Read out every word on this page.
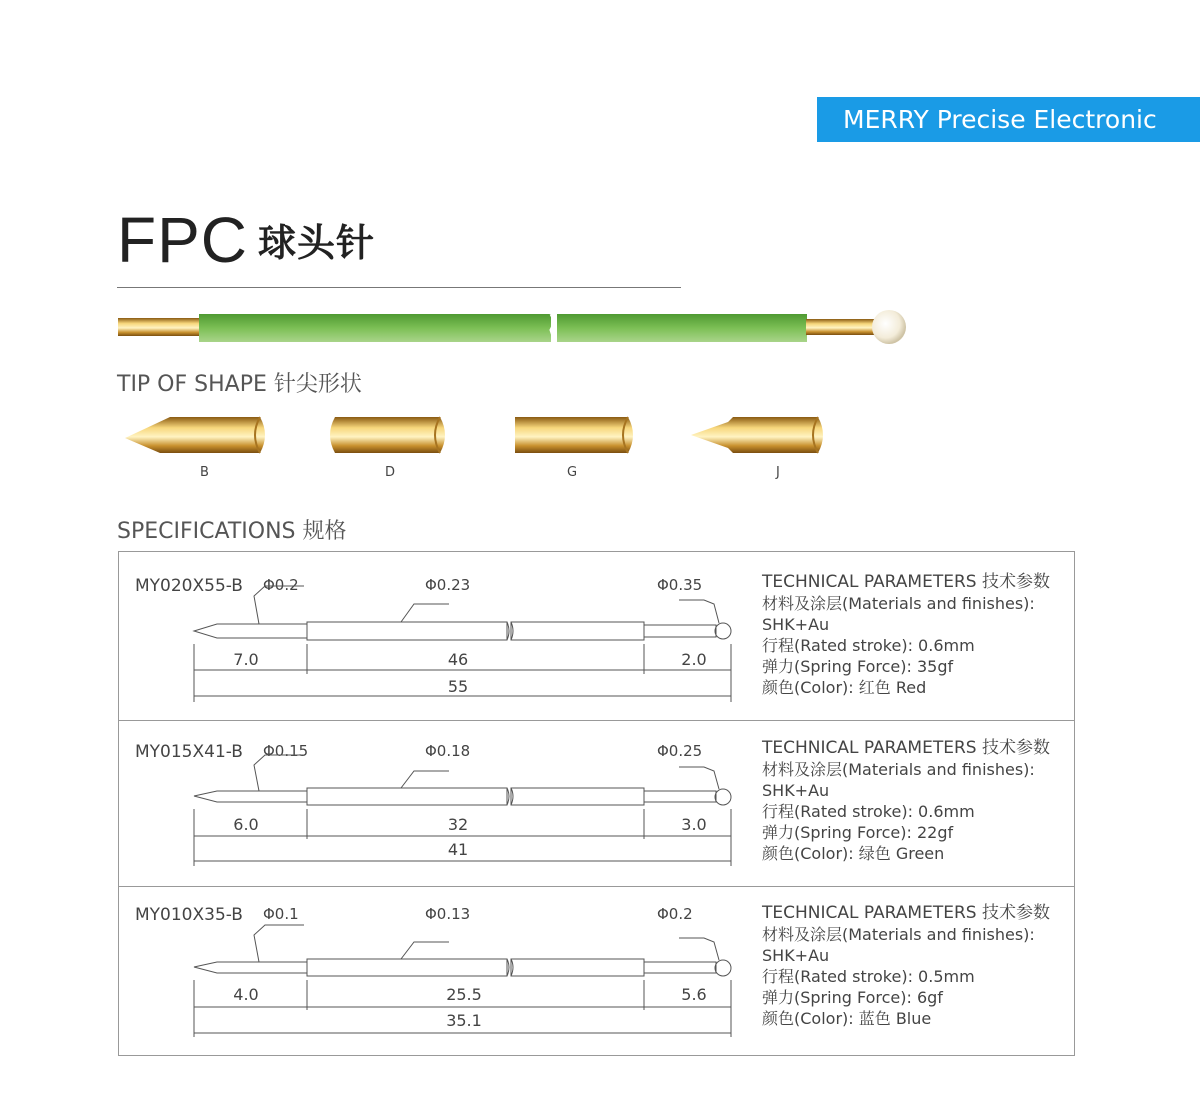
MERRY Precise Electronic
FPC 球头针
TIP OF SHAPE 针尖形状
B	D	G	J
SPECIFICATIONS 规格
MY020X55-B Φ0.2	Φ0.23	Φ0.35
7.0	46	2.0
55
TECHNICAL PARAMETERS 技术参数
材料及涂层(Materials and finishes):
SHK+Au
行程(Rated stroke): 0.6mm
弹力(Spring Force): 35gf
颜色(Color): 红色 Red
MY015X41-B Φ0.15	Φ0.18	Φ0.25
6.0	32	3.0
41
TECHNICAL PARAMETERS 技术参数
材料及涂层(Materials and finishes):
SHK+Au
行程(Rated stroke): 0.6mm
弹力(Spring Force): 22gf
颜色(Color): 绿色 Green
MY010X35-B Φ0.1	Φ0.13	Φ0.2
4.0	25.5	5.6
35.1
TECHNICAL PARAMETERS 技术参数
材料及涂层(Materials and finishes):
SHK+Au
行程(Rated stroke): 0.5mm
弹力(Spring Force): 6gf
颜色(Color): 蓝色 Blue
